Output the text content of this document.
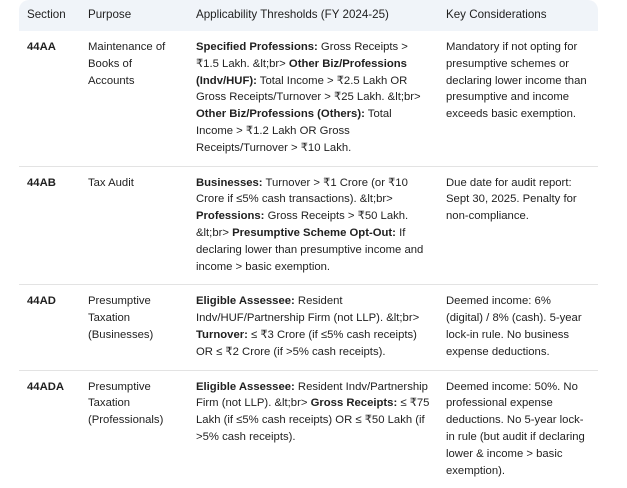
Section	Purpose	Applicability Thresholds (FY 2024-25)	Key Considerations
44AA	Maintenance of Books of Accounts	Specified Professions: Gross Receipts > ₹1.5 Lakh. &lt;br> Other Biz/Professions (Indv/HUF): Total Income > ₹2.5 Lakh OR Gross Receipts/Turnover > ₹25 Lakh. &lt;br> Other Biz/Professions (Others): Total Income > ₹1.2 Lakh OR Gross Receipts/Turnover > ₹10 Lakh.	Mandatory if not opting for presumptive schemes or declaring lower income than presumptive and income exceeds basic exemption.
44AB	Tax Audit	Businesses: Turnover > ₹1 Crore (or ₹10 Crore if ≤5% cash transactions). &lt;br> Professions: Gross Receipts > ₹50 Lakh. &lt;br> Presumptive Scheme Opt-Out: If declaring lower than presumptive income and income > basic exemption.	Due date for audit report: Sept 30, 2025. Penalty for non-compliance.
44AD	Presumptive Taxation (Businesses)	Eligible Assessee: Resident Indv/HUF/Partnership Firm (not LLP). &lt;br> Turnover: ≤ ₹3 Crore (if ≤5% cash receipts) OR ≤ ₹2 Crore (if >5% cash receipts).	Deemed income: 6% (digital) / 8% (cash). 5-year lock-in rule. No business expense deductions.
44ADA	Presumptive Taxation (Professionals)	Eligible Assessee: Resident Indv/Partnership Firm (not LLP). &lt;br> Gross Receipts: ≤ ₹75 Lakh (if ≤5% cash receipts) OR ≤ ₹50 Lakh (if >5% cash receipts).	Deemed income: 50%. No professional expense deductions. No 5-year lock-in rule (but audit if declaring lower & income > basic exemption).
